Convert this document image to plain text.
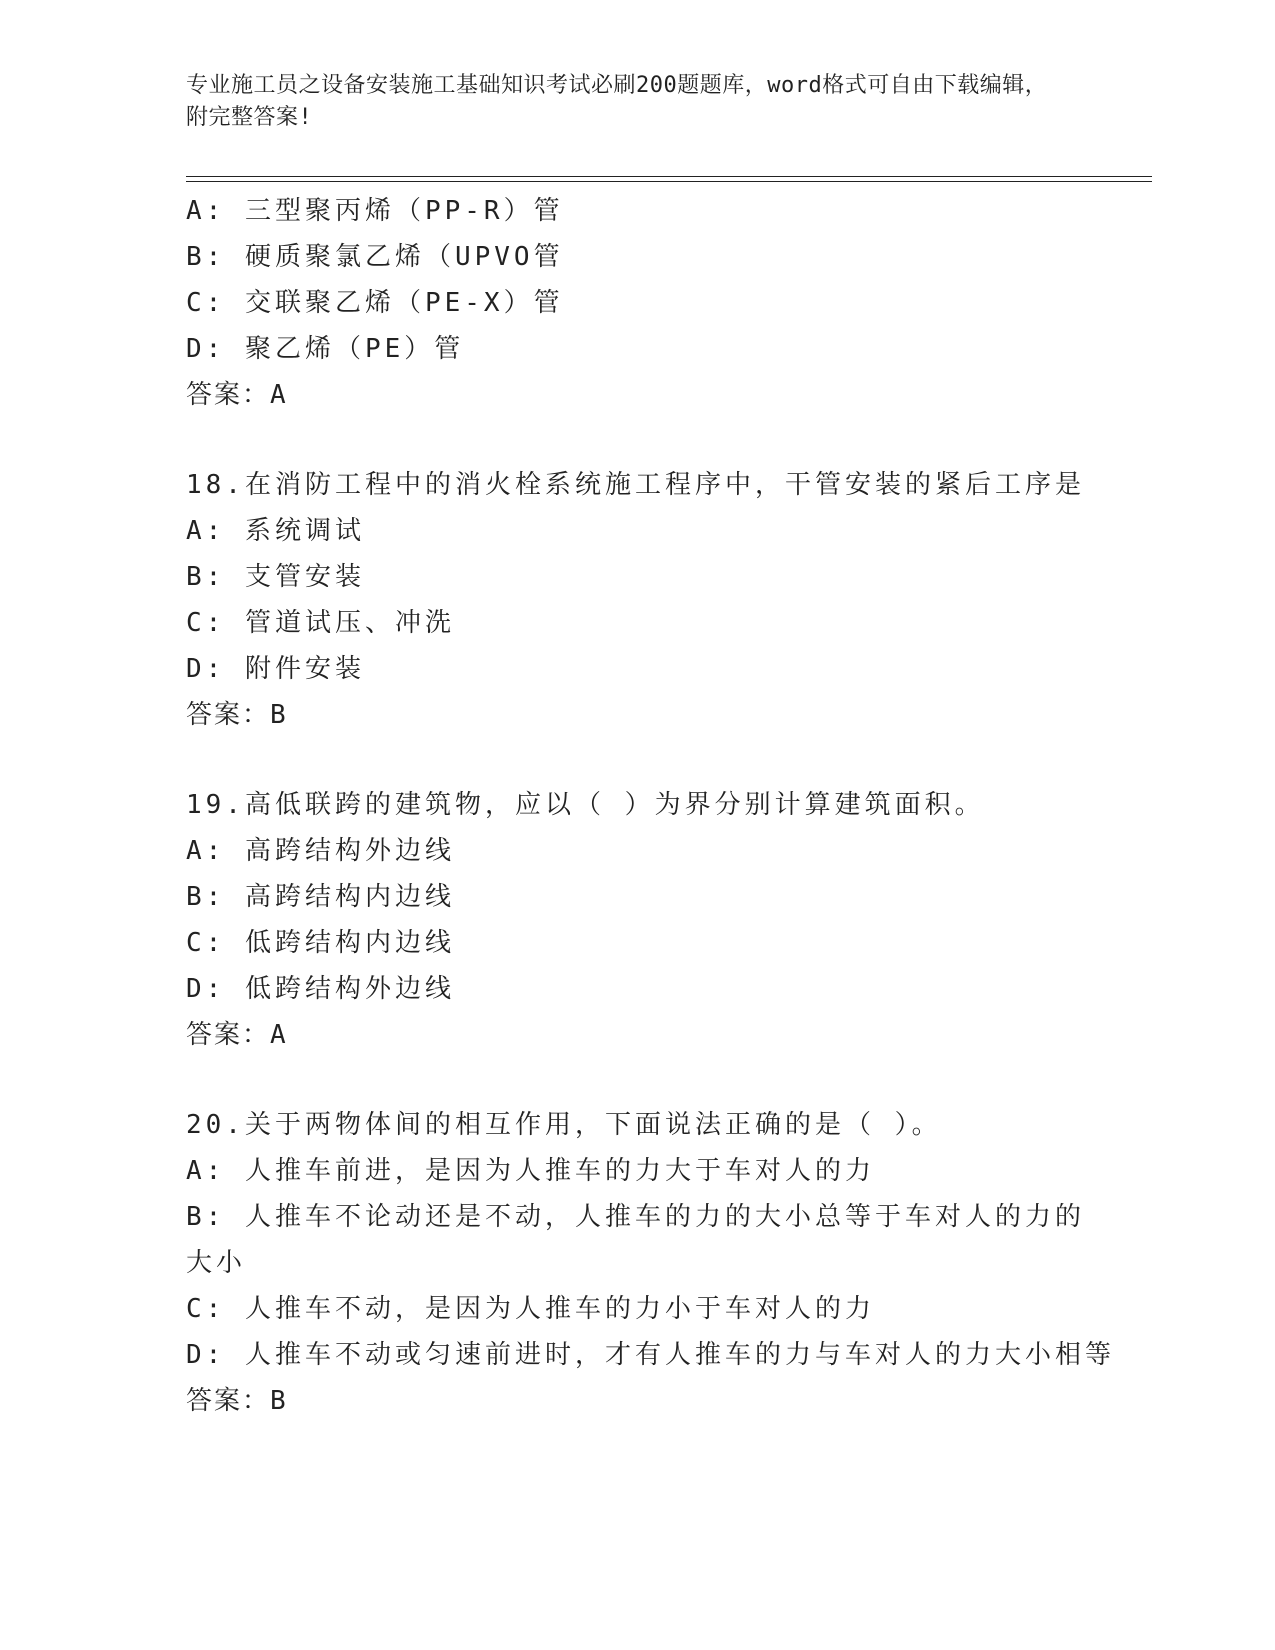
专业施工员之设备安装施工基础知识考试必刷200题题库，word格式可自由下载编辑，附完整答案!
A: 三型聚丙烯（PP-R）管
B: 硬质聚氯乙烯（UPVO管
C: 交联聚乙烯（PE-X）管
D: 聚乙烯（PE）管
答案：A
18.在消防工程中的消火栓系统施工程序中，干管安装的紧后工序是
A: 系统调试
B: 支管安装
C: 管道试压、冲洗
D: 附件安装
答案：B
19.高低联跨的建筑物，应以（ ）为界分别计算建筑面积。
A: 高跨结构外边线
B: 高跨结构内边线
C: 低跨结构内边线
D: 低跨结构外边线
答案：A
20.关于两物体间的相互作用，下面说法正确的是（ ）。
A: 人推车前进，是因为人推车的力大于车对人的力
B: 人推车不论动还是不动，人推车的力的大小总等于车对人的力的大小
C: 人推车不动，是因为人推车的力小于车对人的力
D: 人推车不动或匀速前进时，才有人推车的力与车对人的力大小相等
答案：B
